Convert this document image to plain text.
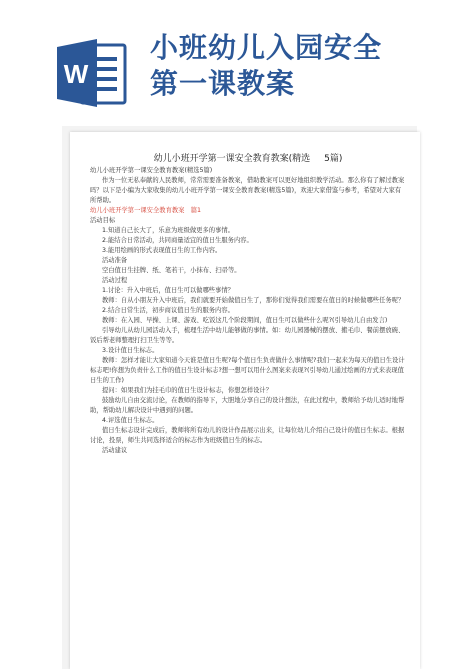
W
小班幼儿入园安全
第一课教案

幼儿小班开学第一课安全教育教案(精选 5篇)

幼儿小班开学第一课安全教育教案(精选5篇)

作为一位无私奉献的人民教师，常常需要准备教案，借助教案可以更好地组织教学活动。那么你有了解过教案吗？以下是小编为大家收集的幼儿小班开学第一课安全教育教案(精选5篇)，欢迎大家借鉴与参考，希望对大家有所帮助。

幼儿小班开学第一课安全教育教案　篇1

活动目标

1.知道自己长大了，乐意为班级做更多的事情。

2.能结合日常活动，共同商量适宜的值日生服务内容。

3.能用绘画的形式表现值日生的工作内容。

活动准备

空白值日生挂牌、纸、笔若干，小抹布、扫帚等。

活动过程

1.讨论：升入中班后，值日生可以做哪些事情？

教师：自从小朋友升入中班后，我们就要开始做值日生了，那你们觉得我们需要在值日的时候做哪些任务呢？

2.结合日常生活，初步商议值日生的服务内容。

教师：在入园、早操、上课、游戏、吃饭这几个阶段期间，值日生可以做些什么呢?(引导幼儿自由发言)

引导幼儿从幼儿园活动入手，梳理生活中幼儿能够做的事情。如：幼儿园器械的摆放、搬毛巾、餐前摆放碗、饭后帮老师整理打扫卫生等等。

3.设计值日生标志。

教师：怎样才能让大家知道今天谁是值日生呢?每个值日生负责做什么事情呢?我们一起来为每天的值日生设计标志吧!你想为负责什么工作的值日生设计标志?想一想可以用什么图案来表现?(引导幼儿通过绘画的方式来表现值日生的工作)

提问：如果我们为挂毛巾的值日生设计标志，你想怎样设计？

鼓励幼儿自由交流讨论，在教师的指导下，大胆地分享自己的设计想法，在此过程中，教师给予幼儿适时地帮助，帮助幼儿解决设计中遇到的问题。

4.评选值日生标志。

值日生标志设计完成后，教师将所有幼儿的设计作品展示出来，让每位幼儿介绍自己设计的值日生标志。根据讨论，投票，师生共同选择适合的标志作为班级值日生的标志。

活动建议
